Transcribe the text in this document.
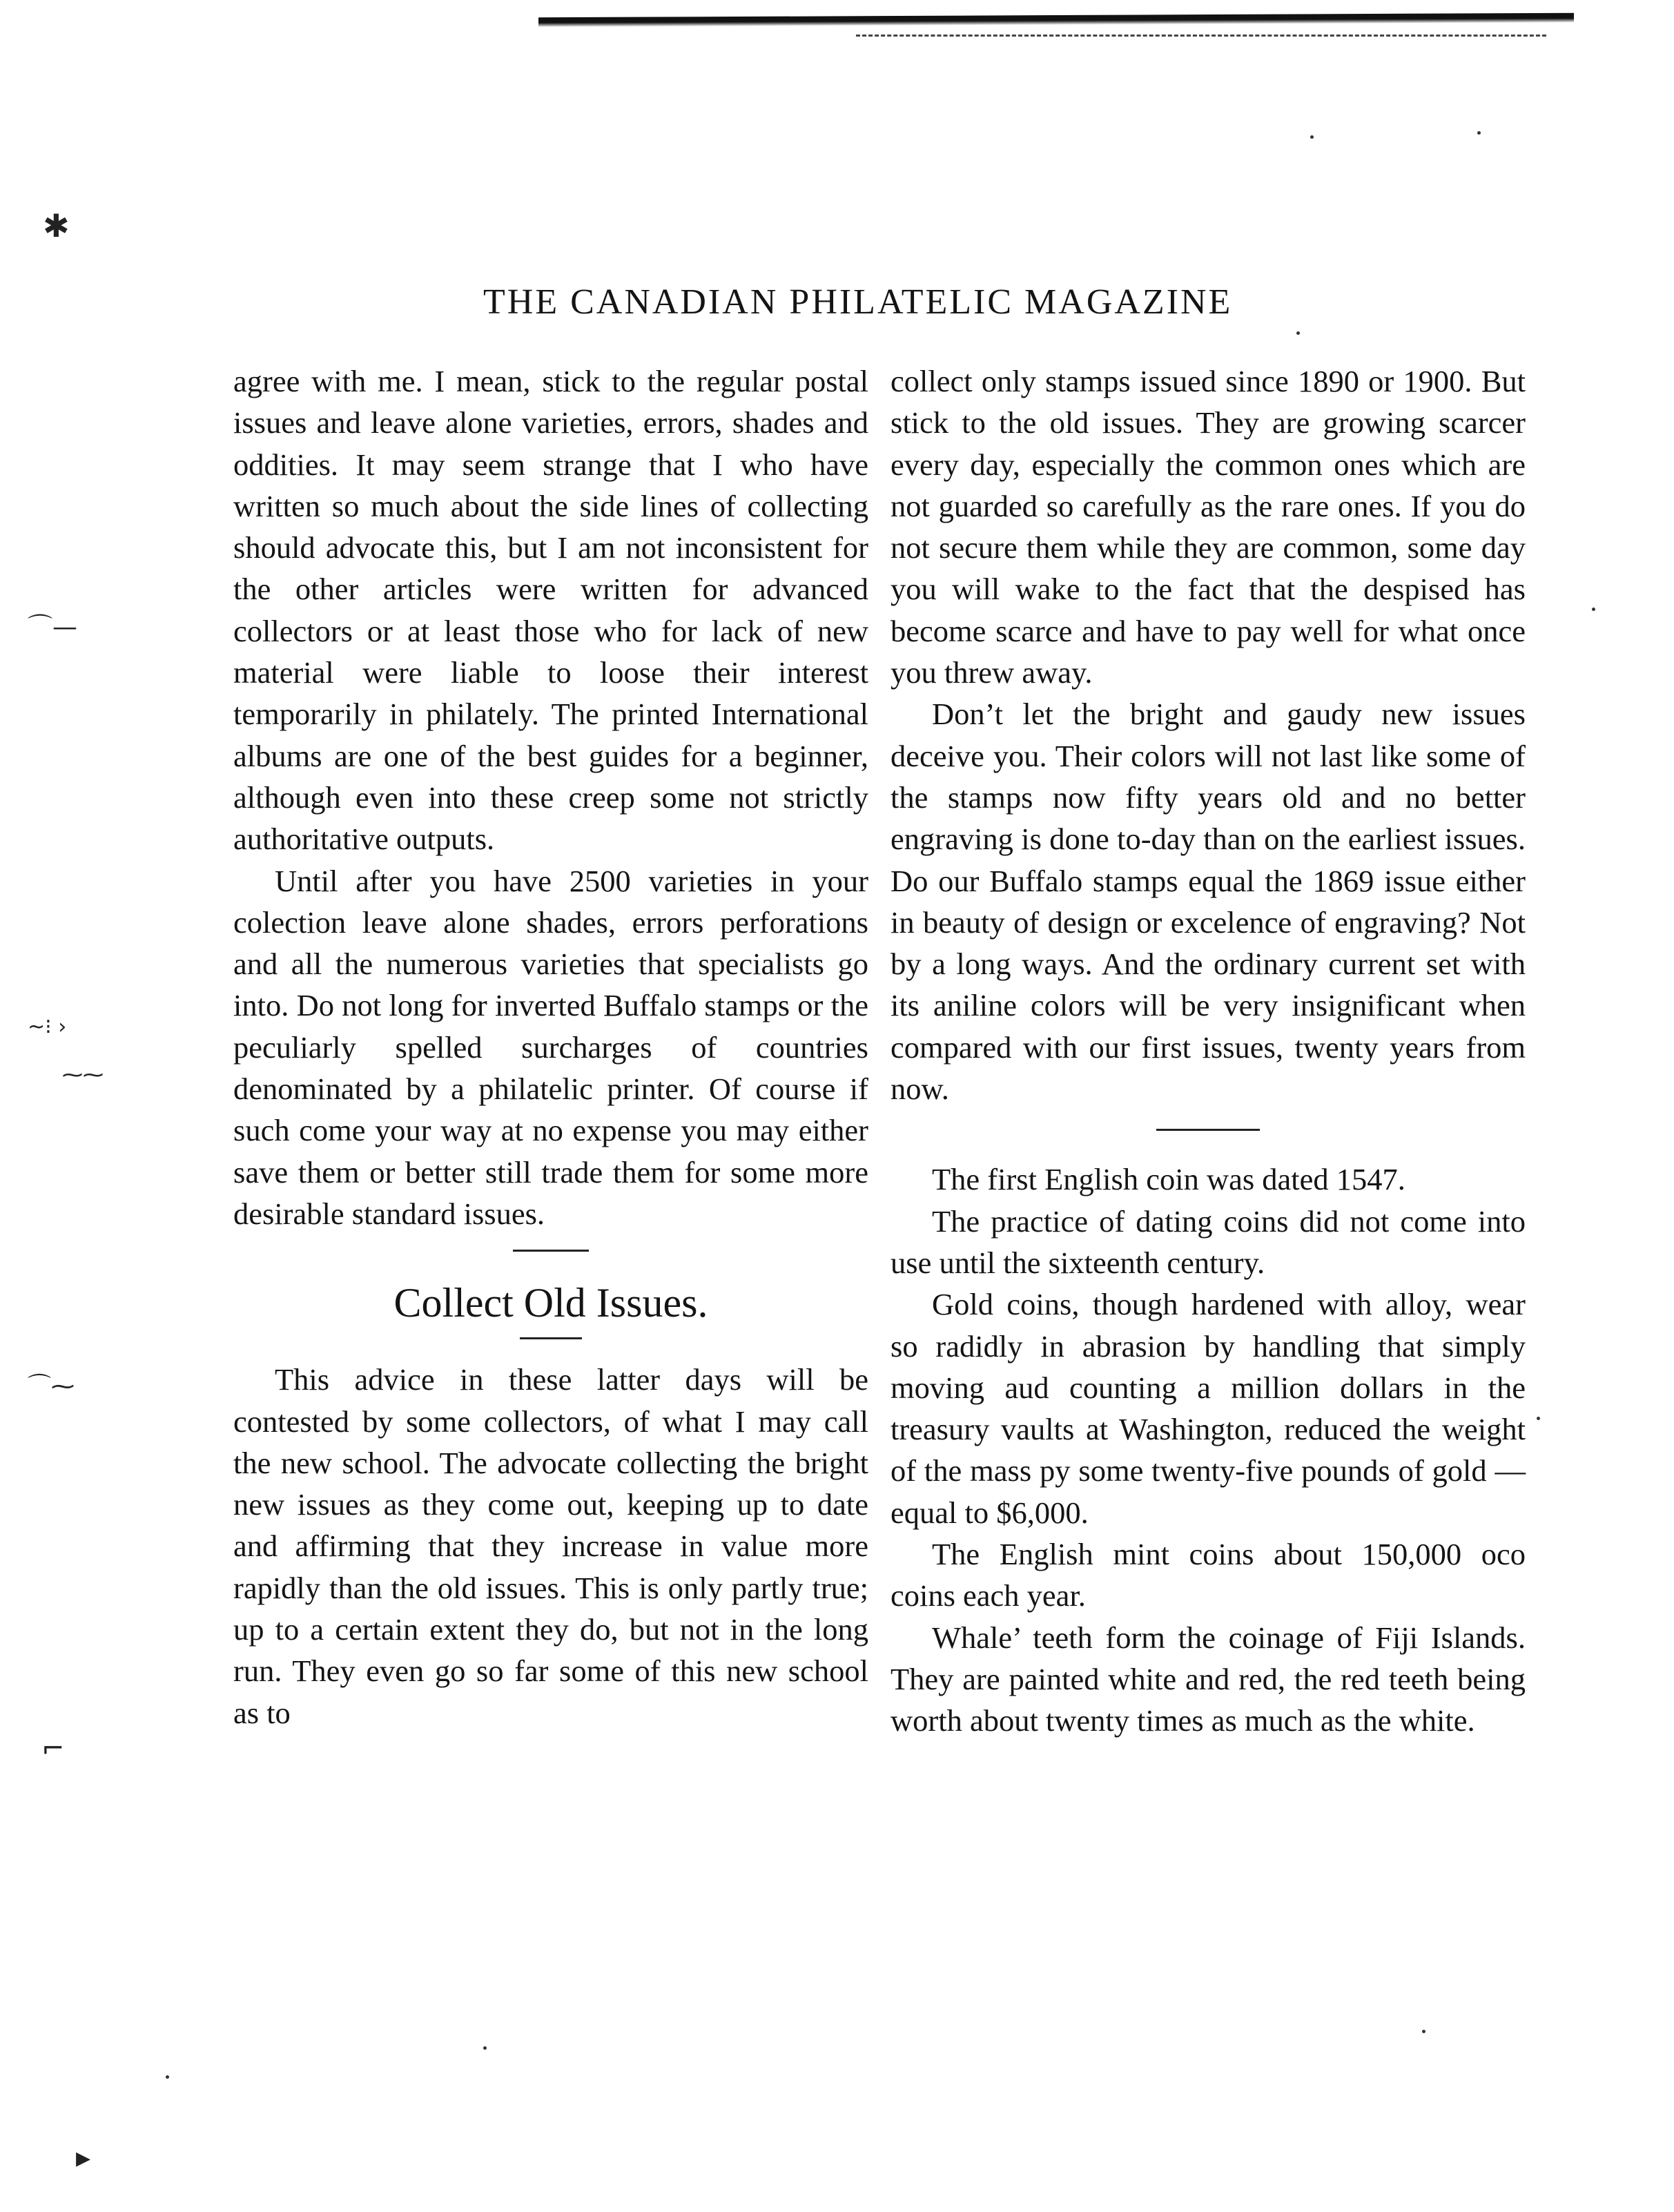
✱
⌒—
~⁝ ›
⁓⁓
⌒⁓
⌐
▸
THE CANADIAN PHILATELIC MAGAZINE

agree with me. I mean, stick to the regular postal issues and leave alone varieties, errors, shades and oddities. It may seem strange that I who have written so much about the side lines of collecting should advocate this, but I am not inconsistent for the other articles were written for advanced collectors or at least those who for lack of new material were liable to loose their interest temporarily in philately. The printed International albums are one of the best guides for a beginner, although even into these creep some not strictly authoritative outputs.

Until after you have 2500 varieties in your colection leave alone shades, errors perforations and all the numerous varieties that specialists go into. Do not long for inverted Buffalo stamps or the peculiarly spelled surcharges of countries denominated by a philatelic printer. Of course if such come your way at no expense you may either save them or better still trade them for some more desirable standard issues.

Collect Old Issues.

This advice in these latter days will be contested by some collectors, of what I may call the new school. The advocate collecting the bright new issues as they come out, keeping up to date and affirming that they increase in value more rapidly than the old issues. This is only partly true; up to a certain extent they do, but not in the long run. They even go so far some of this new school as to

collect only stamps issued since 1890 or 1900. But stick to the old issues. They are growing scarcer every day, especially the common ones which are not guarded so carefully as the rare ones. If you do not secure them while they are common, some day you will wake to the fact that the despised has become scarce and have to pay well for what once you threw away.

Don’t let the bright and gaudy new issues deceive you. Their colors will not last like some of the stamps now fifty years old and no better engraving is done to-day than on the earliest issues. Do our Buffalo stamps equal the 1869 issue either in beauty of design or excelence of engraving? Not by a long ways. And the ordinary current set with its aniline colors will be very insignificant when compared with our first issues, twenty years from now.

The first English coin was dated 1547.

The practice of dating coins did not come into use until the sixteenth century.

Gold coins, though hardened with alloy, wear so radidly in abrasion by handling that simply moving aud counting a million dollars in the treasury vaults at Washington, reduced the weight of the mass py some twenty-five pounds of gold —equal to $6,000.

The English mint coins about 150,000 oco coins each year.

Whale’ teeth form the coinage of Fiji Islands. They are painted white and red, the red teeth being worth about twenty times as much as the white.
